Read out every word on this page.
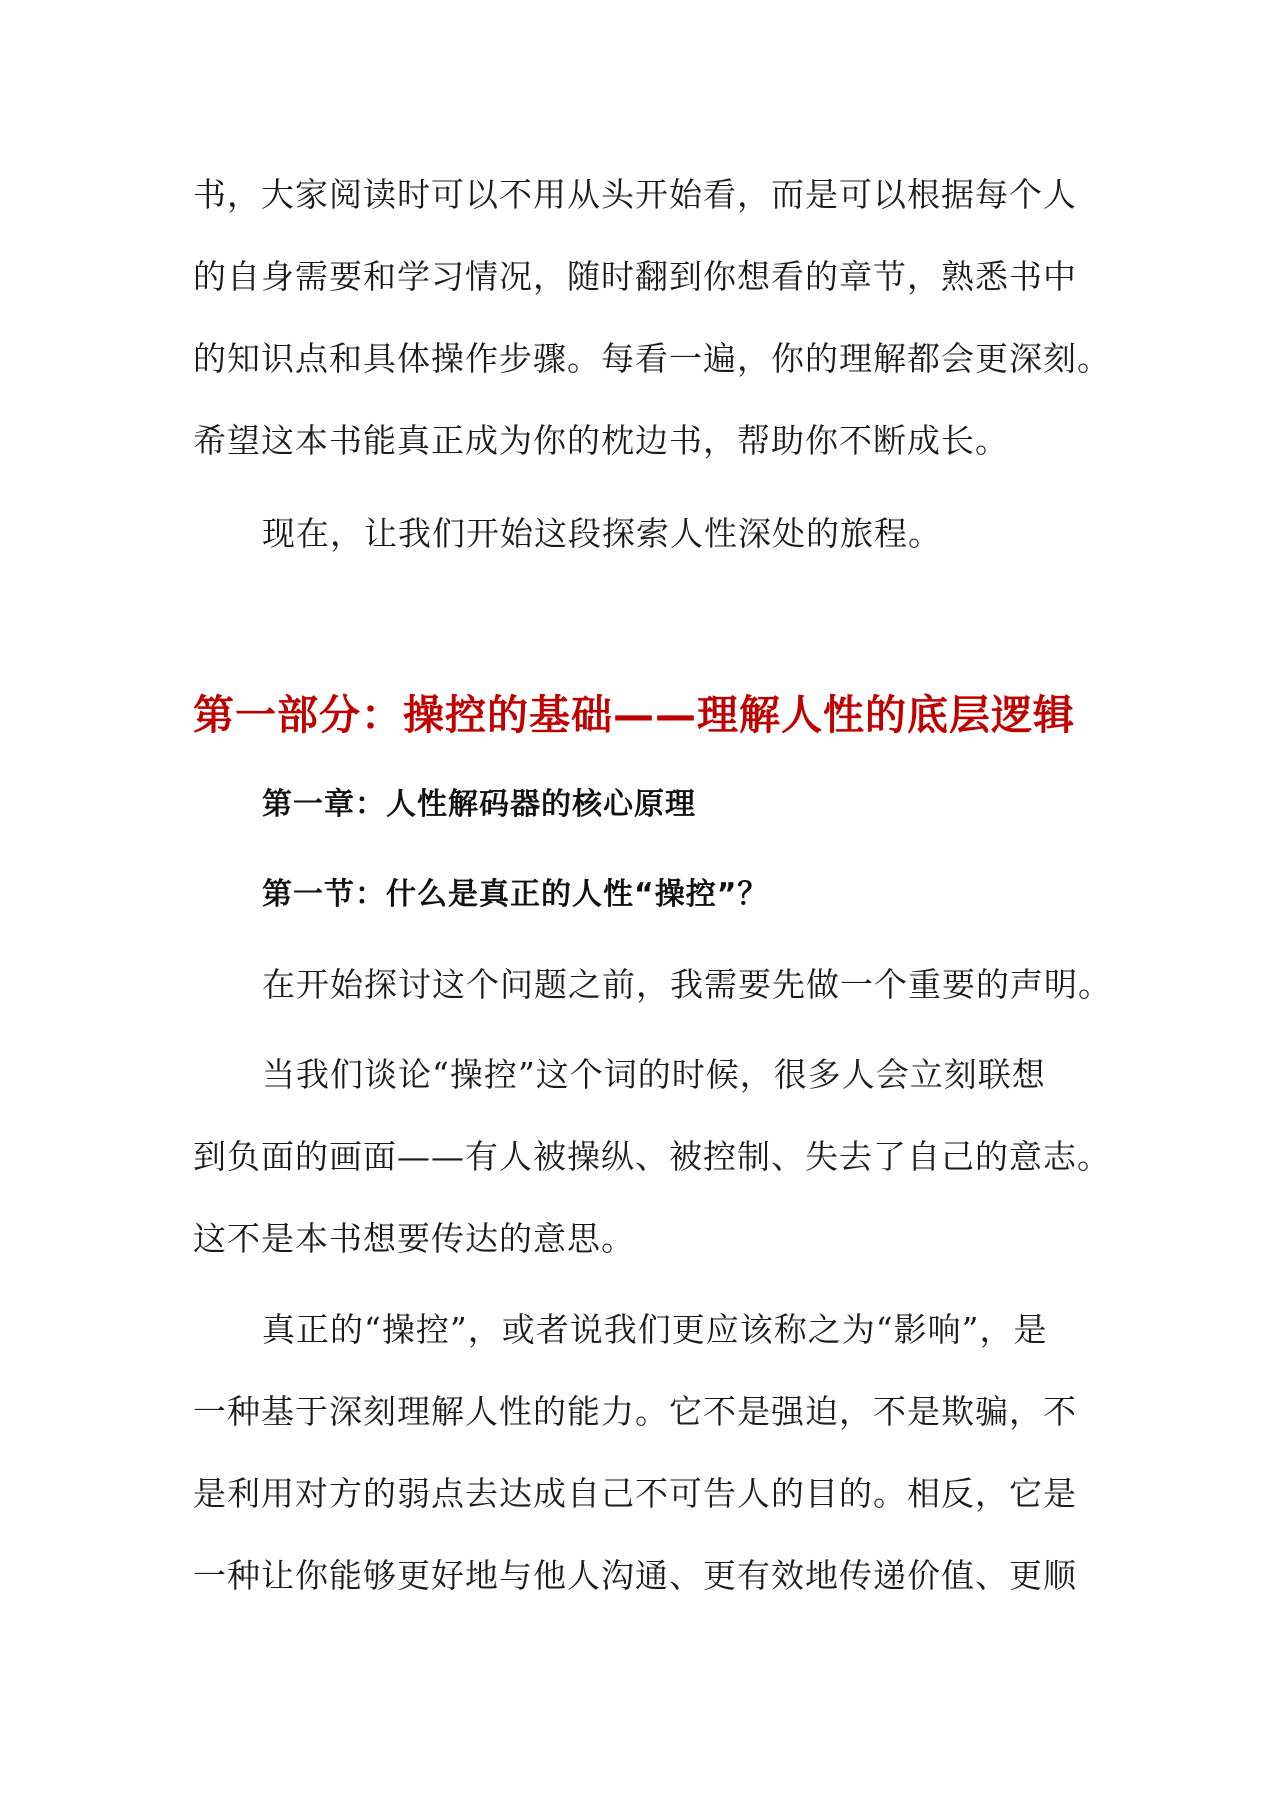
书，大家阅读时可以不用从头开始看，而是可以根据每个人
的自身需要和学习情况，随时翻到你想看的章节，熟悉书中
的知识点和具体操作步骤。每看一遍，你的理解都会更深刻。
希望这本书能真正成为你的枕边书，帮助你不断成长。
现在，让我们开始这段探索人性深处的旅程。
第一部分：操控的基础——理解人性的底层逻辑
第一章：人性解码器的核心原理
第一节：什么是真正的人性“操控”？
在开始探讨这个问题之前，我需要先做一个重要的声明。
当我们谈论“操控”这个词的时候，很多人会立刻联想
到负面的画面——有人被操纵、被控制、失去了自己的意志。
这不是本书想要传达的意思。
真正的“操控”，或者说我们更应该称之为“影响”，是
一种基于深刻理解人性的能力。它不是强迫，不是欺骗，不
是利用对方的弱点去达成自己不可告人的目的。相反，它是
一种让你能够更好地与他人沟通、更有效地传递价值、更顺
